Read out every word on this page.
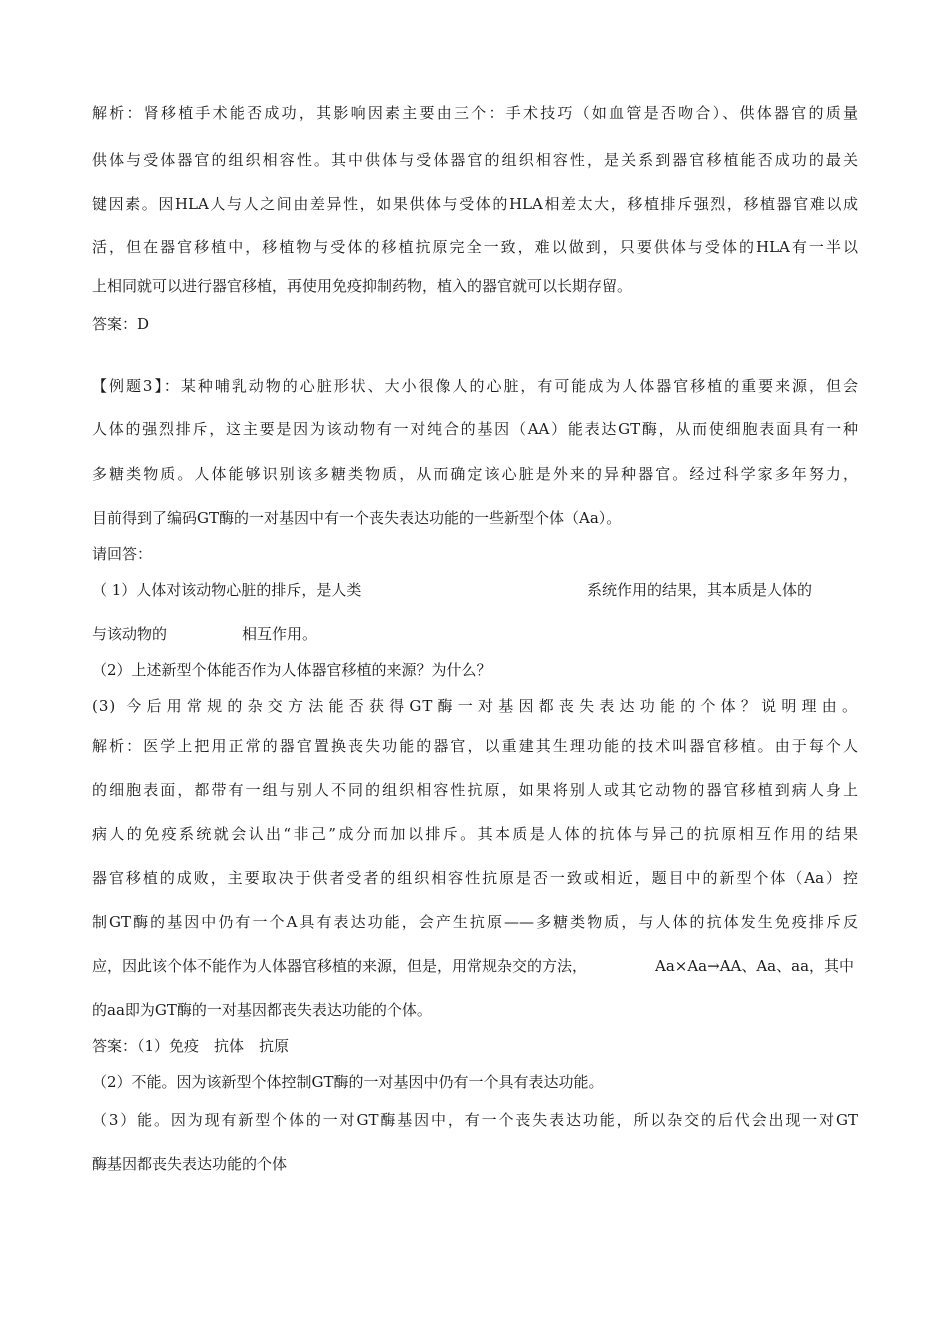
解析：肾移植手术能否成功，其影响因素主要由三个：手术技巧（如血管是否吻合）、供体器官的质量
供体与受体器官的组织相容性。其中供体与受体器官的组织相容性，是关系到器官移植能否成功的最关
键因素。因HLA人与人之间由差异性，如果供体与受体的HLA相差太大，移植排斥强烈，移植器官难以成
活，但在器官移植中，移植物与受体的移植抗原完全一致，难以做到，只要供体与受体的HLA有一半以
上相同就可以进行器官移植，再使用免疫抑制药物，植入的器官就可以长期存留。
答案：D
【例题3】：某种哺乳动物的心脏形状、大小很像人的心脏，有可能成为人体器官移植的重要来源，但会
人体的强烈排斥，这主要是因为该动物有一对纯合的基因（AA）能表达GT酶，从而使细胞表面具有一种
多糖类物质。人体能够识别该多糖类物质，从而确定该心脏是外来的异种器官。经过科学家多年努力，
目前得到了编码GT酶的一对基因中有一个丧失表达功能的一些新型个体（Aa）。
请回答：
（ 1）人体对该动物心脏的排斥，是人类	系统作用的结果，其本质是人体的
与该动物的	相互作用。
（2）上述新型个体能否作为人体器官移植的来源？为什么？
(3) 今后用常规的杂交方法能否获得GT酶一对基因都丧失表达功能的个体？说明理由。
解析：医学上把用正常的器官置换丧失功能的器官，以重建其生理功能的技术叫器官移植。由于每个人
的细胞表面，都带有一组与别人不同的组织相容性抗原，如果将别人或其它动物的器官移植到病人身上
病人的免疫系统就会认出“非己”成分而加以排斥。其本质是人体的抗体与异己的抗原相互作用的结果
器官移植的成败，主要取决于供者受者的组织相容性抗原是否一致或相近，题目中的新型个体（Aa）控
制GT酶的基因中仍有一个A具有表达功能，会产生抗原——多糖类物质，与人体的抗体发生免疫排斥反
应，因此该个体不能作为人体器官移植的来源，但是，用常规杂交的方法，	Aa×Aa→AA、Aa、aa，其中
的aa即为GT酶的一对基因都丧失表达功能的个体。
答案：（1）免疫　抗体　抗原
（2）不能。因为该新型个体控制GT酶的一对基因中仍有一个具有表达功能。
（3）能。因为现有新型个体的一对GT酶基因中，有一个丧失表达功能，所以杂交的后代会出现一对GT
酶基因都丧失表达功能的个体
